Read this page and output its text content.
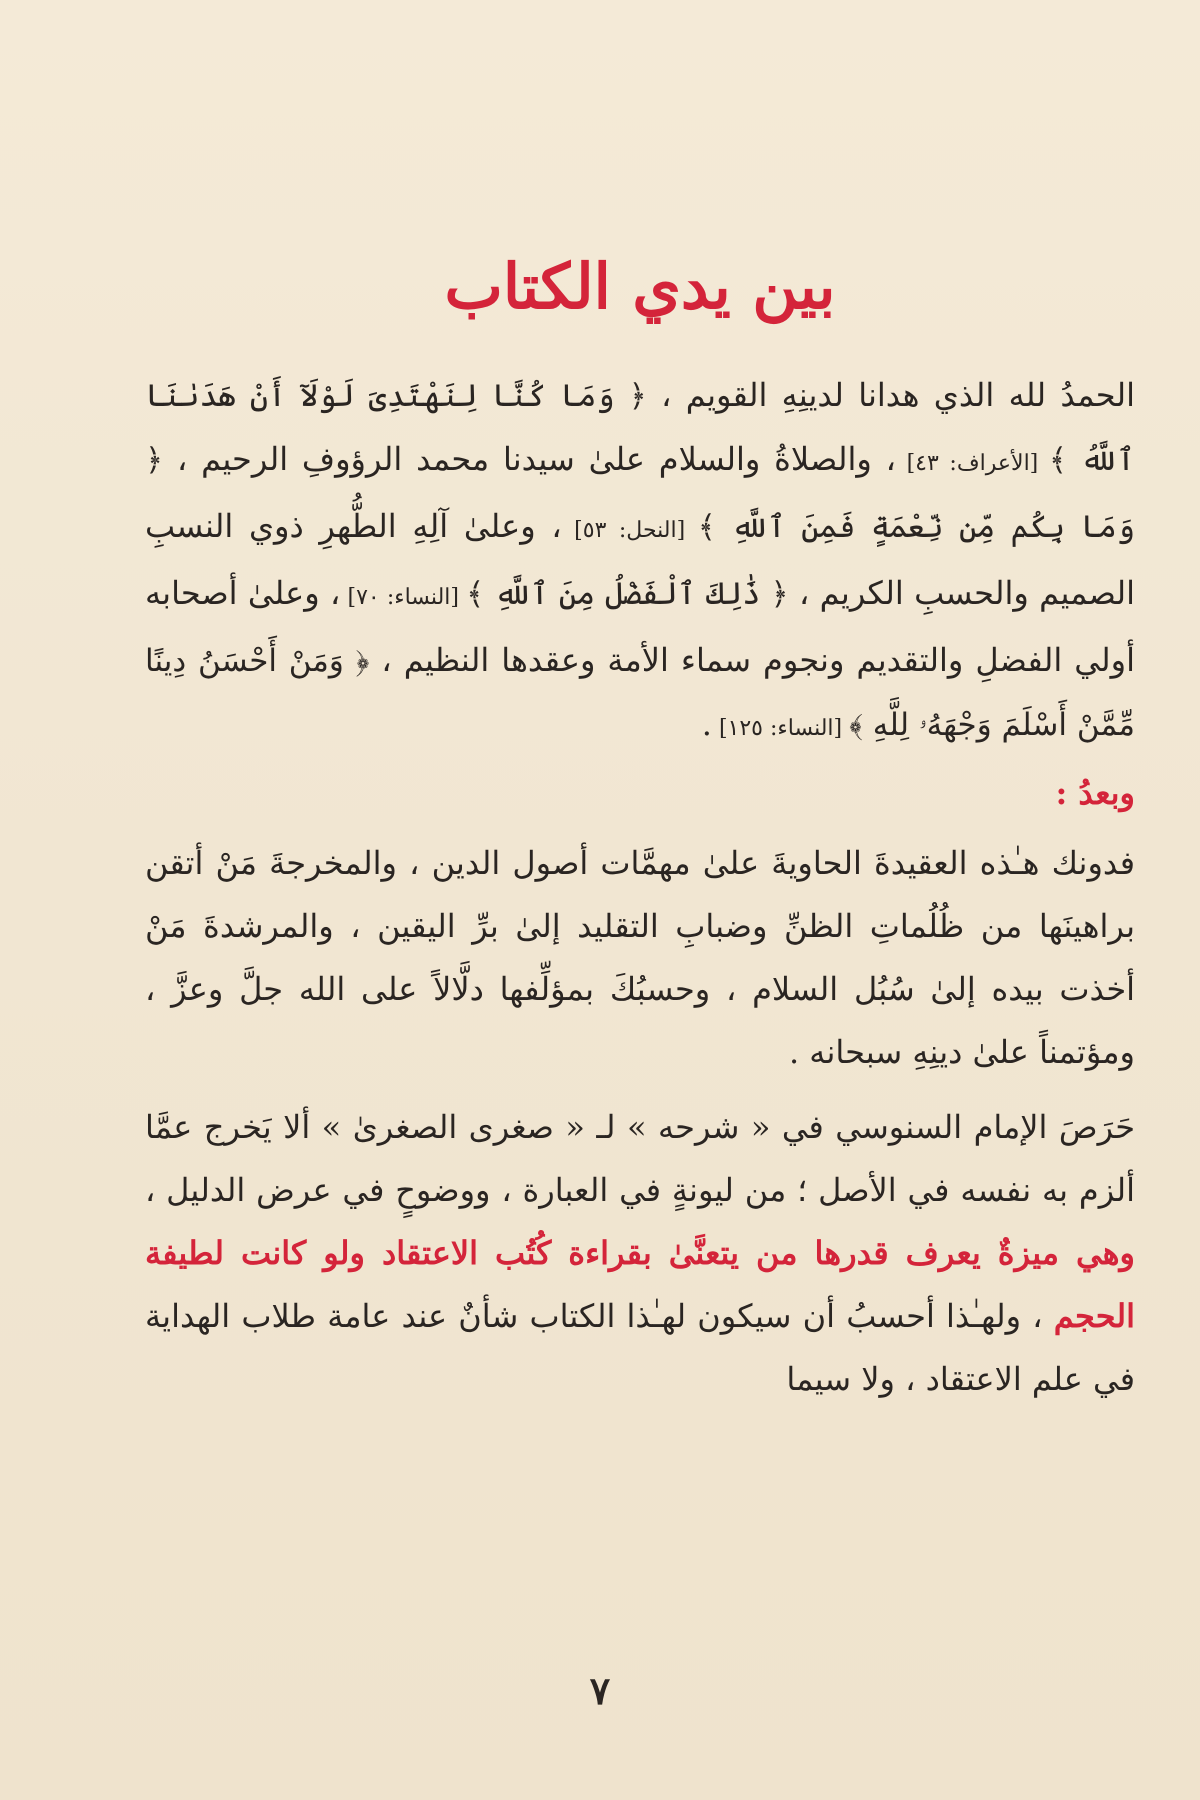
بين يدي الكتاب

الحمدُ لله الذي هدانا لدينِهِ القويم ، ﴿ وَمَا كُنَّا لِنَهْتَدِىَ لَوْلَآ أَنْ هَدَىٰنَا ٱللَّهُ ﴾ [الأعراف: ٤٣] ، والصلاةُ والسلام علىٰ سيدنا محمد الرؤوفِ الرحيم ، ﴿ وَمَا بِكُم مِّن نِّعْمَةٍ فَمِنَ ٱللَّهِ ﴾ [النحل: ٥٣] ، وعلىٰ آلِهِ الطُّهرِ ذوي النسبِ الصميم والحسبِ الكريم ، ﴿ ذَٰلِكَ ٱلْفَضْلُ مِنَ ٱللَّهِ ﴾ [النساء: ٧٠] ، وعلىٰ أصحابه أولي الفضلِ والتقديم ونجوم سماء الأمة وعقدها النظيم ، ﴿ وَمَنْ أَحْسَنُ دِينًا مِّمَّنْ أَسْلَمَ وَجْهَهُۥ لِلَّهِ ﴾ [النساء: ١٢٥] .

وبعدُ :

فدونك هـٰذه العقيدةَ الحاويةَ علىٰ مهمَّات أصول الدين ، والمخرجةَ مَنْ أتقن براهينَها من ظُلُماتِ الظنِّ وضبابِ التقليد إلىٰ برِّ اليقين ، والمرشدةَ مَنْ أخذت بيده إلىٰ سُبُل السلام ، وحسبُكَ بمؤلِّفها دلَّالاً على الله جلَّ وعزَّ ، ومؤتمناً علىٰ دينِهِ سبحانه .

حَرَصَ الإمام السنوسي في « شرحه » لـ « صغرى الصغرىٰ » ألا يَخرج عمَّا ألزم به نفسه في الأصل ؛ من ليونةٍ في العبارة ، ووضوحٍ في عرض الدليل ، وهي ميزةٌ يعرف قدرها من يتعنَّىٰ بقراءة كُتُب الاعتقاد ولو كانت لطيفة الحجم ، ولهـٰذا أحسبُ أن سيكون لهـٰذا الكتاب شأنٌ عند عامة طلاب الهداية في علم الاعتقاد ، ولا سيما

٧
